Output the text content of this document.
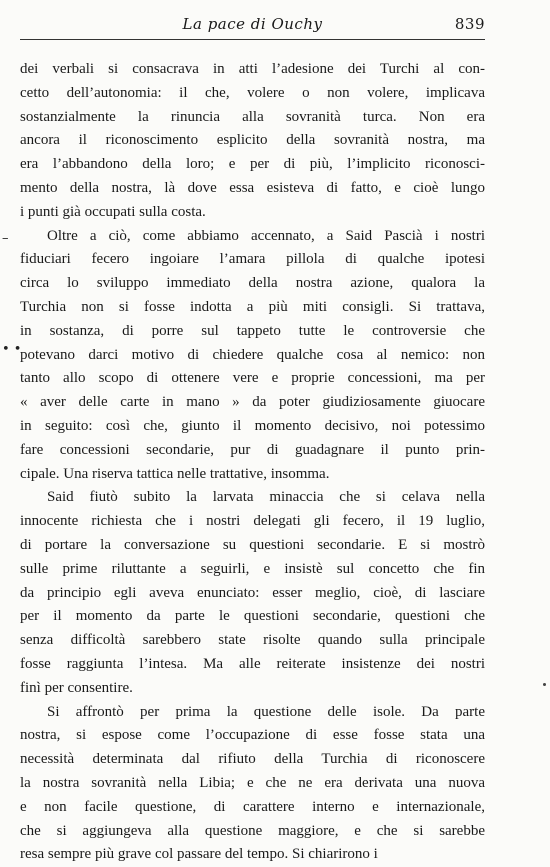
La pace di Ouchy	839
–
• •
dei verbali si consacrava in atti l’adesione dei Turchi al con-
cetto dell’autonomia: il che, volere o non volere, implicava
sostanzialmente la rinuncia alla sovranità turca. Non era
ancora il riconoscimento esplicito della sovranità nostra, ma
era l’abbandono della loro; e per di più, l’implicito riconosci-
mento della nostra, là dove essa esisteva di fatto, e cioè lungo
i punti già occupati sulla costa.
Oltre a ciò, come abbiamo accennato, a Said Pascià i nostri
fiduciari fecero ingoiare l’amara pillola di qualche ipotesi
circa lo sviluppo immediato della nostra azione, qualora la
Turchia non si fosse indotta a più miti consigli. Si trattava,
in sostanza, di porre sul tappeto tutte le controversie che
potevano darci motivo di chiedere qualche cosa al nemico: non
tanto allo scopo di ottenere vere e proprie concessioni, ma per
« aver delle carte in mano » da poter giudiziosamente giuocare
in seguito: così che, giunto il momento decisivo, noi potessimo
fare concessioni secondarie, pur di guadagnare il punto prin-
cipale. Una riserva tattica nelle trattative, insomma.
Said fiutò subito la larvata minaccia che si celava nella
innocente richiesta che i nostri delegati gli fecero, il 19 luglio,
di portare la conversazione su questioni secondarie. E si mostrò
sulle prime riluttante a seguirli, e insistè sul concetto che fin
da principio egli aveva enunciato: esser meglio, cioè, di lasciare
per il momento da parte le questioni secondarie, questioni che
senza difficoltà sarebbero state risolte quando sulla principale
fosse raggiunta l’intesa. Ma alle reiterate insistenze dei nostri
finì per consentire.
Si affrontò per prima la questione delle isole. Da parte
nostra, si espose come l’occupazione di esse fosse stata una
necessità determinata dal rifiuto della Turchia di riconoscere
la nostra sovranità nella Libia; e che ne era derivata una nuova
e non facile questione, di carattere interno e internazionale,
che si aggiungeva alla questione maggiore, e che si sarebbe
resa sempre più grave col passare del tempo. Si chiarirono i
